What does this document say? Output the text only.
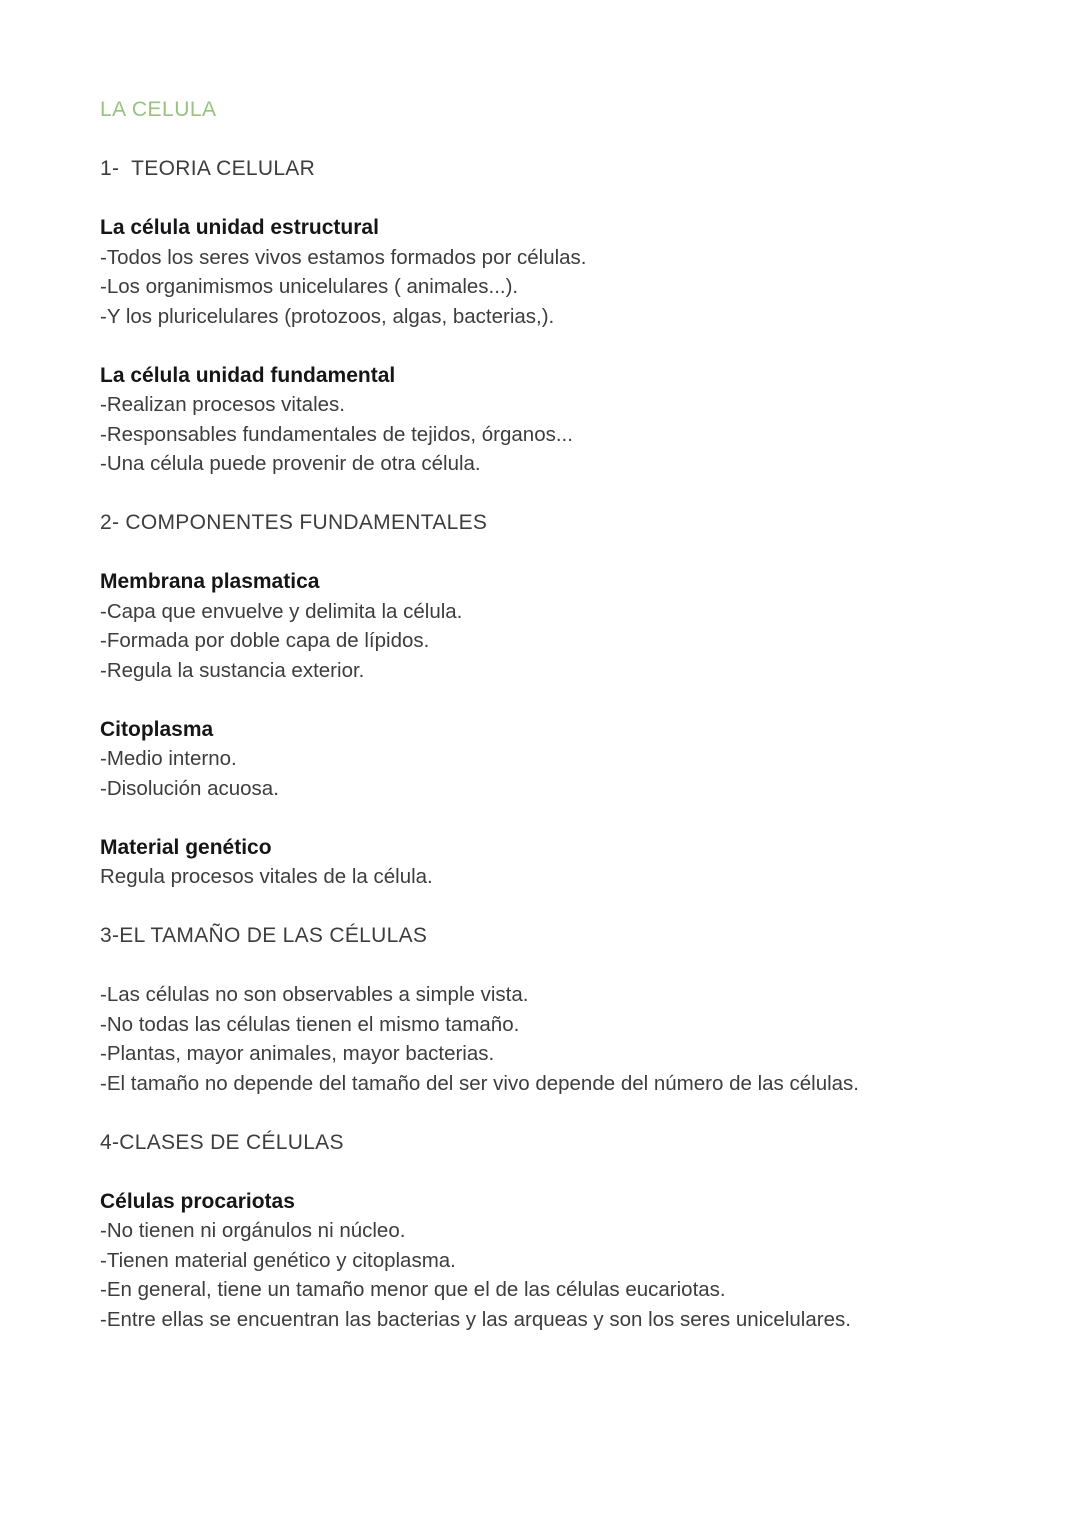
LA CELULA
1-  TEORIA CELULAR
La célula unidad estructural
-Todos los seres vivos estamos formados por células.
-Los organimismos unicelulares ( animales...).
-Y los pluricelulares (protozoos, algas, bacterias,).
La célula unidad fundamental
-Realizan procesos vitales.
-Responsables fundamentales de tejidos, órganos...
-Una célula puede provenir de otra célula.
2- COMPONENTES FUNDAMENTALES
Membrana plasmatica
-Capa que envuelve y delimita la célula.
-Formada por doble capa de lípidos.
-Regula la sustancia exterior.
Citoplasma
-Medio interno.
-Disolución acuosa.
Material genético
Regula procesos vitales de la célula.
3-EL TAMAÑO DE LAS CÉLULAS
-Las células no son observables a simple vista.
-No todas las células tienen el mismo tamaño.
-Plantas, mayor animales, mayor bacterias.
-El tamaño no depende del tamaño del ser vivo depende del número de las células.
4-CLASES DE CÉLULAS
Células procariotas
-No tienen ni orgánulos ni núcleo.
-Tienen material genético y citoplasma.
-En general, tiene un tamaño menor que el de las células eucariotas.
-Entre ellas se encuentran las bacterias y las arqueas y son los seres unicelulares.
